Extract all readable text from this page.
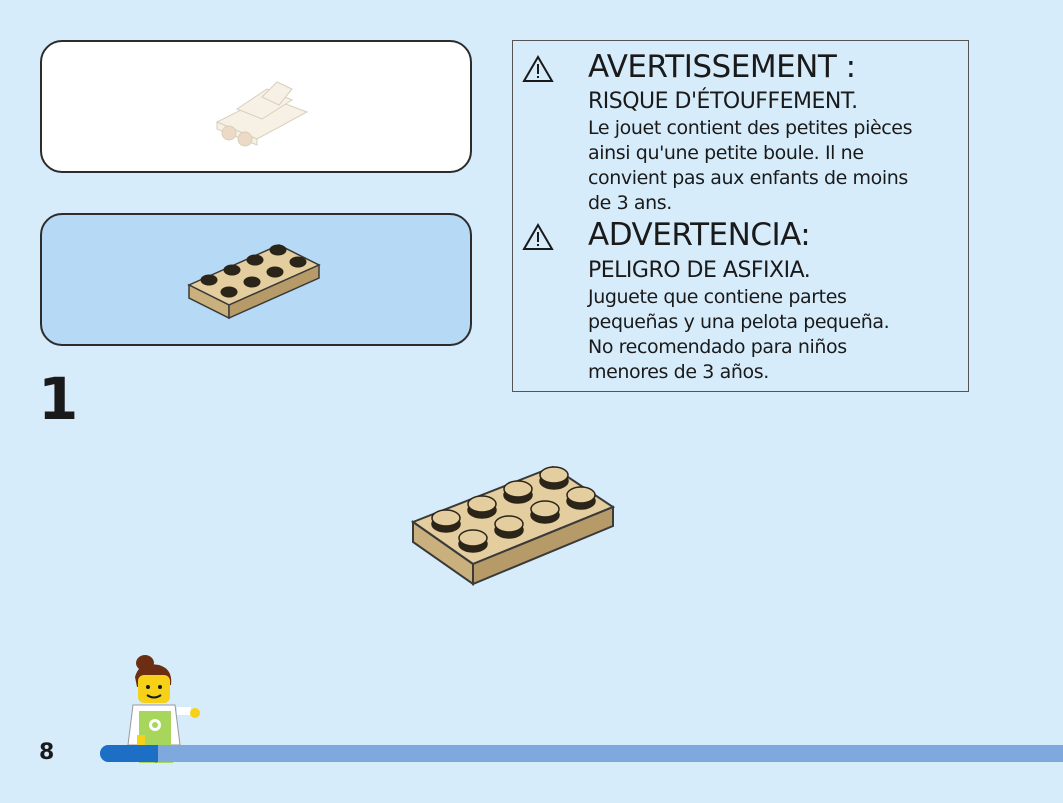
AVERTISSEMENT :
RISQUE D'ÉTOUFFEMENT.
Le jouet contient des petites pièces
ainsi qu'une petite boule. Il ne
convient pas aux enfants de moins
de 3 ans.
ADVERTENCIA:
PELIGRO DE ASFIXIA.
Juguete que contiene partes
pequeñas y una pelota pequeña.
No recomendado para niños
menores de 3 años.
1
8
